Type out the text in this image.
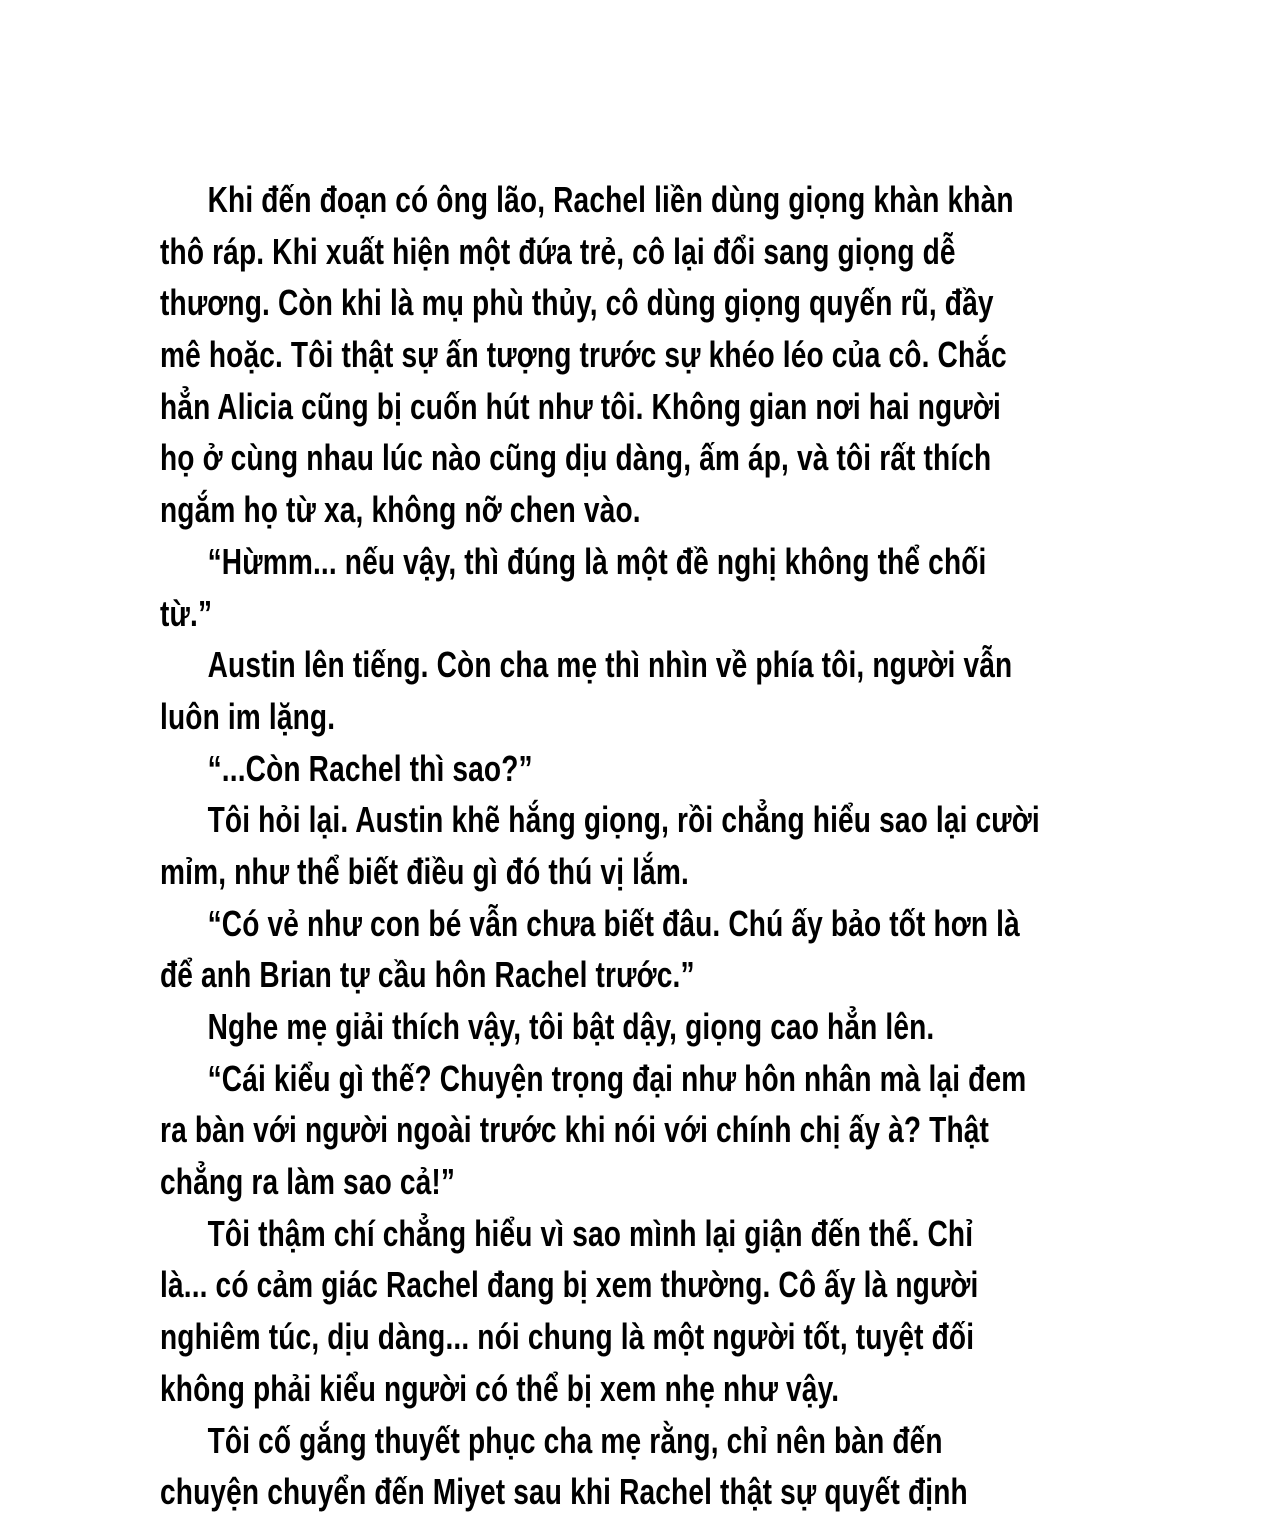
Khi đến đoạn có ông lão, Rachel liền dùng giọng khàn khàn
thô ráp. Khi xuất hiện một đứa trẻ, cô lại đổi sang giọng dễ
thương. Còn khi là mụ phù thủy, cô dùng giọng quyến rũ, đầy
mê hoặc. Tôi thật sự ấn tượng trước sự khéo léo của cô. Chắc
hẳn Alicia cũng bị cuốn hút như tôi. Không gian nơi hai người
họ ở cùng nhau lúc nào cũng dịu dàng, ấm áp, và tôi rất thích
ngắm họ từ xa, không nỡ chen vào.
“Hừmm... nếu vậy, thì đúng là một đề nghị không thể chối
từ.”
Austin lên tiếng. Còn cha mẹ thì nhìn về phía tôi, người vẫn
luôn im lặng.
“...Còn Rachel thì sao?”
Tôi hỏi lại. Austin khẽ hắng giọng, rồi chẳng hiểu sao lại cười
mỉm, như thể biết điều gì đó thú vị lắm.
“Có vẻ như con bé vẫn chưa biết đâu. Chú ấy bảo tốt hơn là
để anh Brian tự cầu hôn Rachel trước.”
Nghe mẹ giải thích vậy, tôi bật dậy, giọng cao hẳn lên.
“Cái kiểu gì thế? Chuyện trọng đại như hôn nhân mà lại đem
ra bàn với người ngoài trước khi nói với chính chị ấy à? Thật
chẳng ra làm sao cả!”
Tôi thậm chí chẳng hiểu vì sao mình lại giận đến thế. Chỉ
là... có cảm giác Rachel đang bị xem thường. Cô ấy là người
nghiêm túc, dịu dàng... nói chung là một người tốt, tuyệt đối
không phải kiểu người có thể bị xem nhẹ như vậy.
Tôi cố gắng thuyết phục cha mẹ rằng, chỉ nên bàn đến
chuyện chuyển đến Miyet sau khi Rachel thật sự quyết định
